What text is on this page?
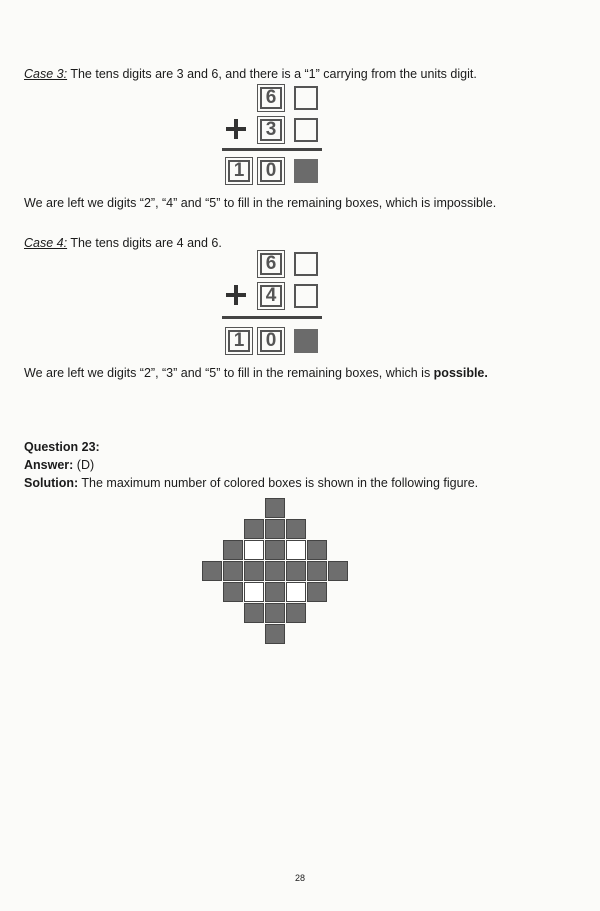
Case 3: The tens digits are 3 and 6, and there is a “1” carrying from the units digit.
6
3
1	0
We are left we digits “2”, “4” and “5” to fill in the remaining boxes, which is impossible.
Case 4: The tens digits are 4 and 6.
6
4
1	0
We are left we digits “2”, “3” and “5” to fill in the remaining boxes, which is possible.
Question 23:
Answer: (D)
Solution: The maximum number of colored boxes is shown in the following figure.
28
